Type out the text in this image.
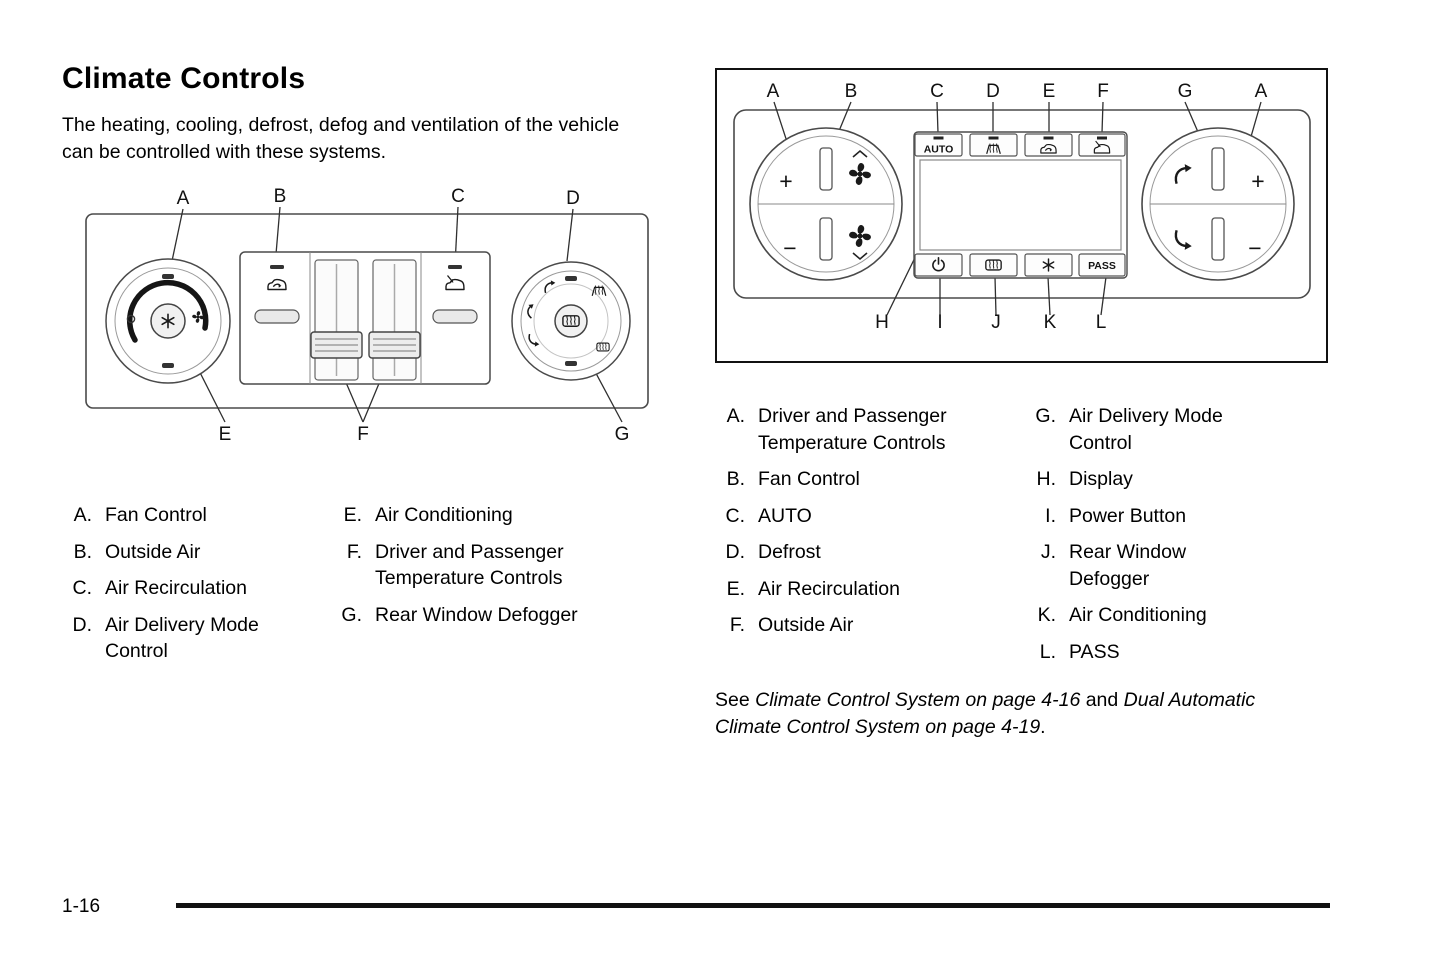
Climate Controls

The heating, cooling, defrost, defog and ventilation of the vehicle can be controlled with these systems.

A	B	C	D
E	F	G
A	B	C D E F	G	A
H	I	J K L
+
−
AUTO
PASS
+
−
A. Fan Control
B. Outside Air
C. Air Recirculation
D. Air Delivery Mode Control
E. Air Conditioning
F. Driver and Passenger Temperature Controls
G. Rear Window Defogger
A. Driver and Passenger Temperature Controls
B. Fan Control
C. AUTO
D. Defrost
E. Air Recirculation
F. Outside Air
G. Air Delivery Mode Control
H. Display
I. Power Button
J. Rear Window Defogger
K. Air Conditioning
L. PASS

See Climate Control System on page 4-16 and Dual Automatic Climate Control System on page 4-19.

1-16
